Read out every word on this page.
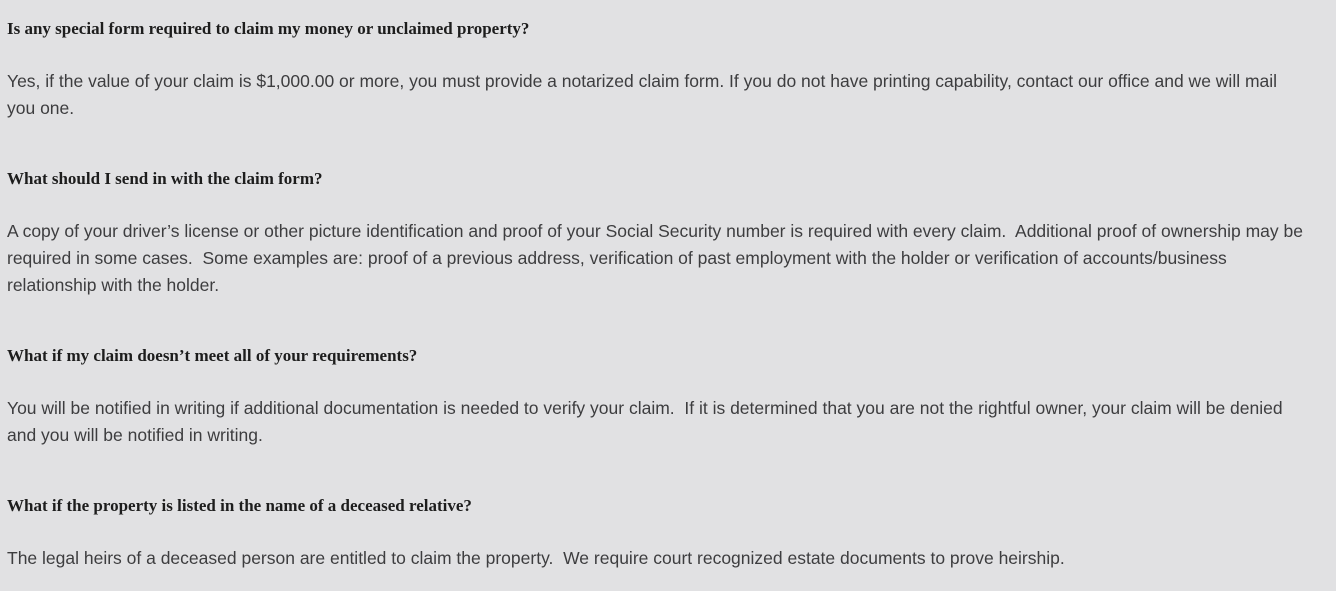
Is any special form required to claim my money or unclaimed property?

Yes, if the value of your claim is $1,000.00 or more, you must provide a notarized claim form. If you do not have printing capability, contact our office and we will mail you one.

What should I send in with the claim form?

A copy of your driver’s license or other picture identification and proof of your Social Security number is required with every claim.  Additional proof of ownership may be required in some cases.  Some examples are: proof of a previous address, verification of past employment with the holder or verification of accounts/business relationship with the holder.

What if my claim doesn’t meet all of your requirements?

You will be notified in writing if additional documentation is needed to verify your claim.  If it is determined that you are not the rightful owner, your claim will be denied and you will be notified in writing.

What if the property is listed in the name of a deceased relative?

The legal heirs of a deceased person are entitled to claim the property.  We require court recognized estate documents to prove heirship.
